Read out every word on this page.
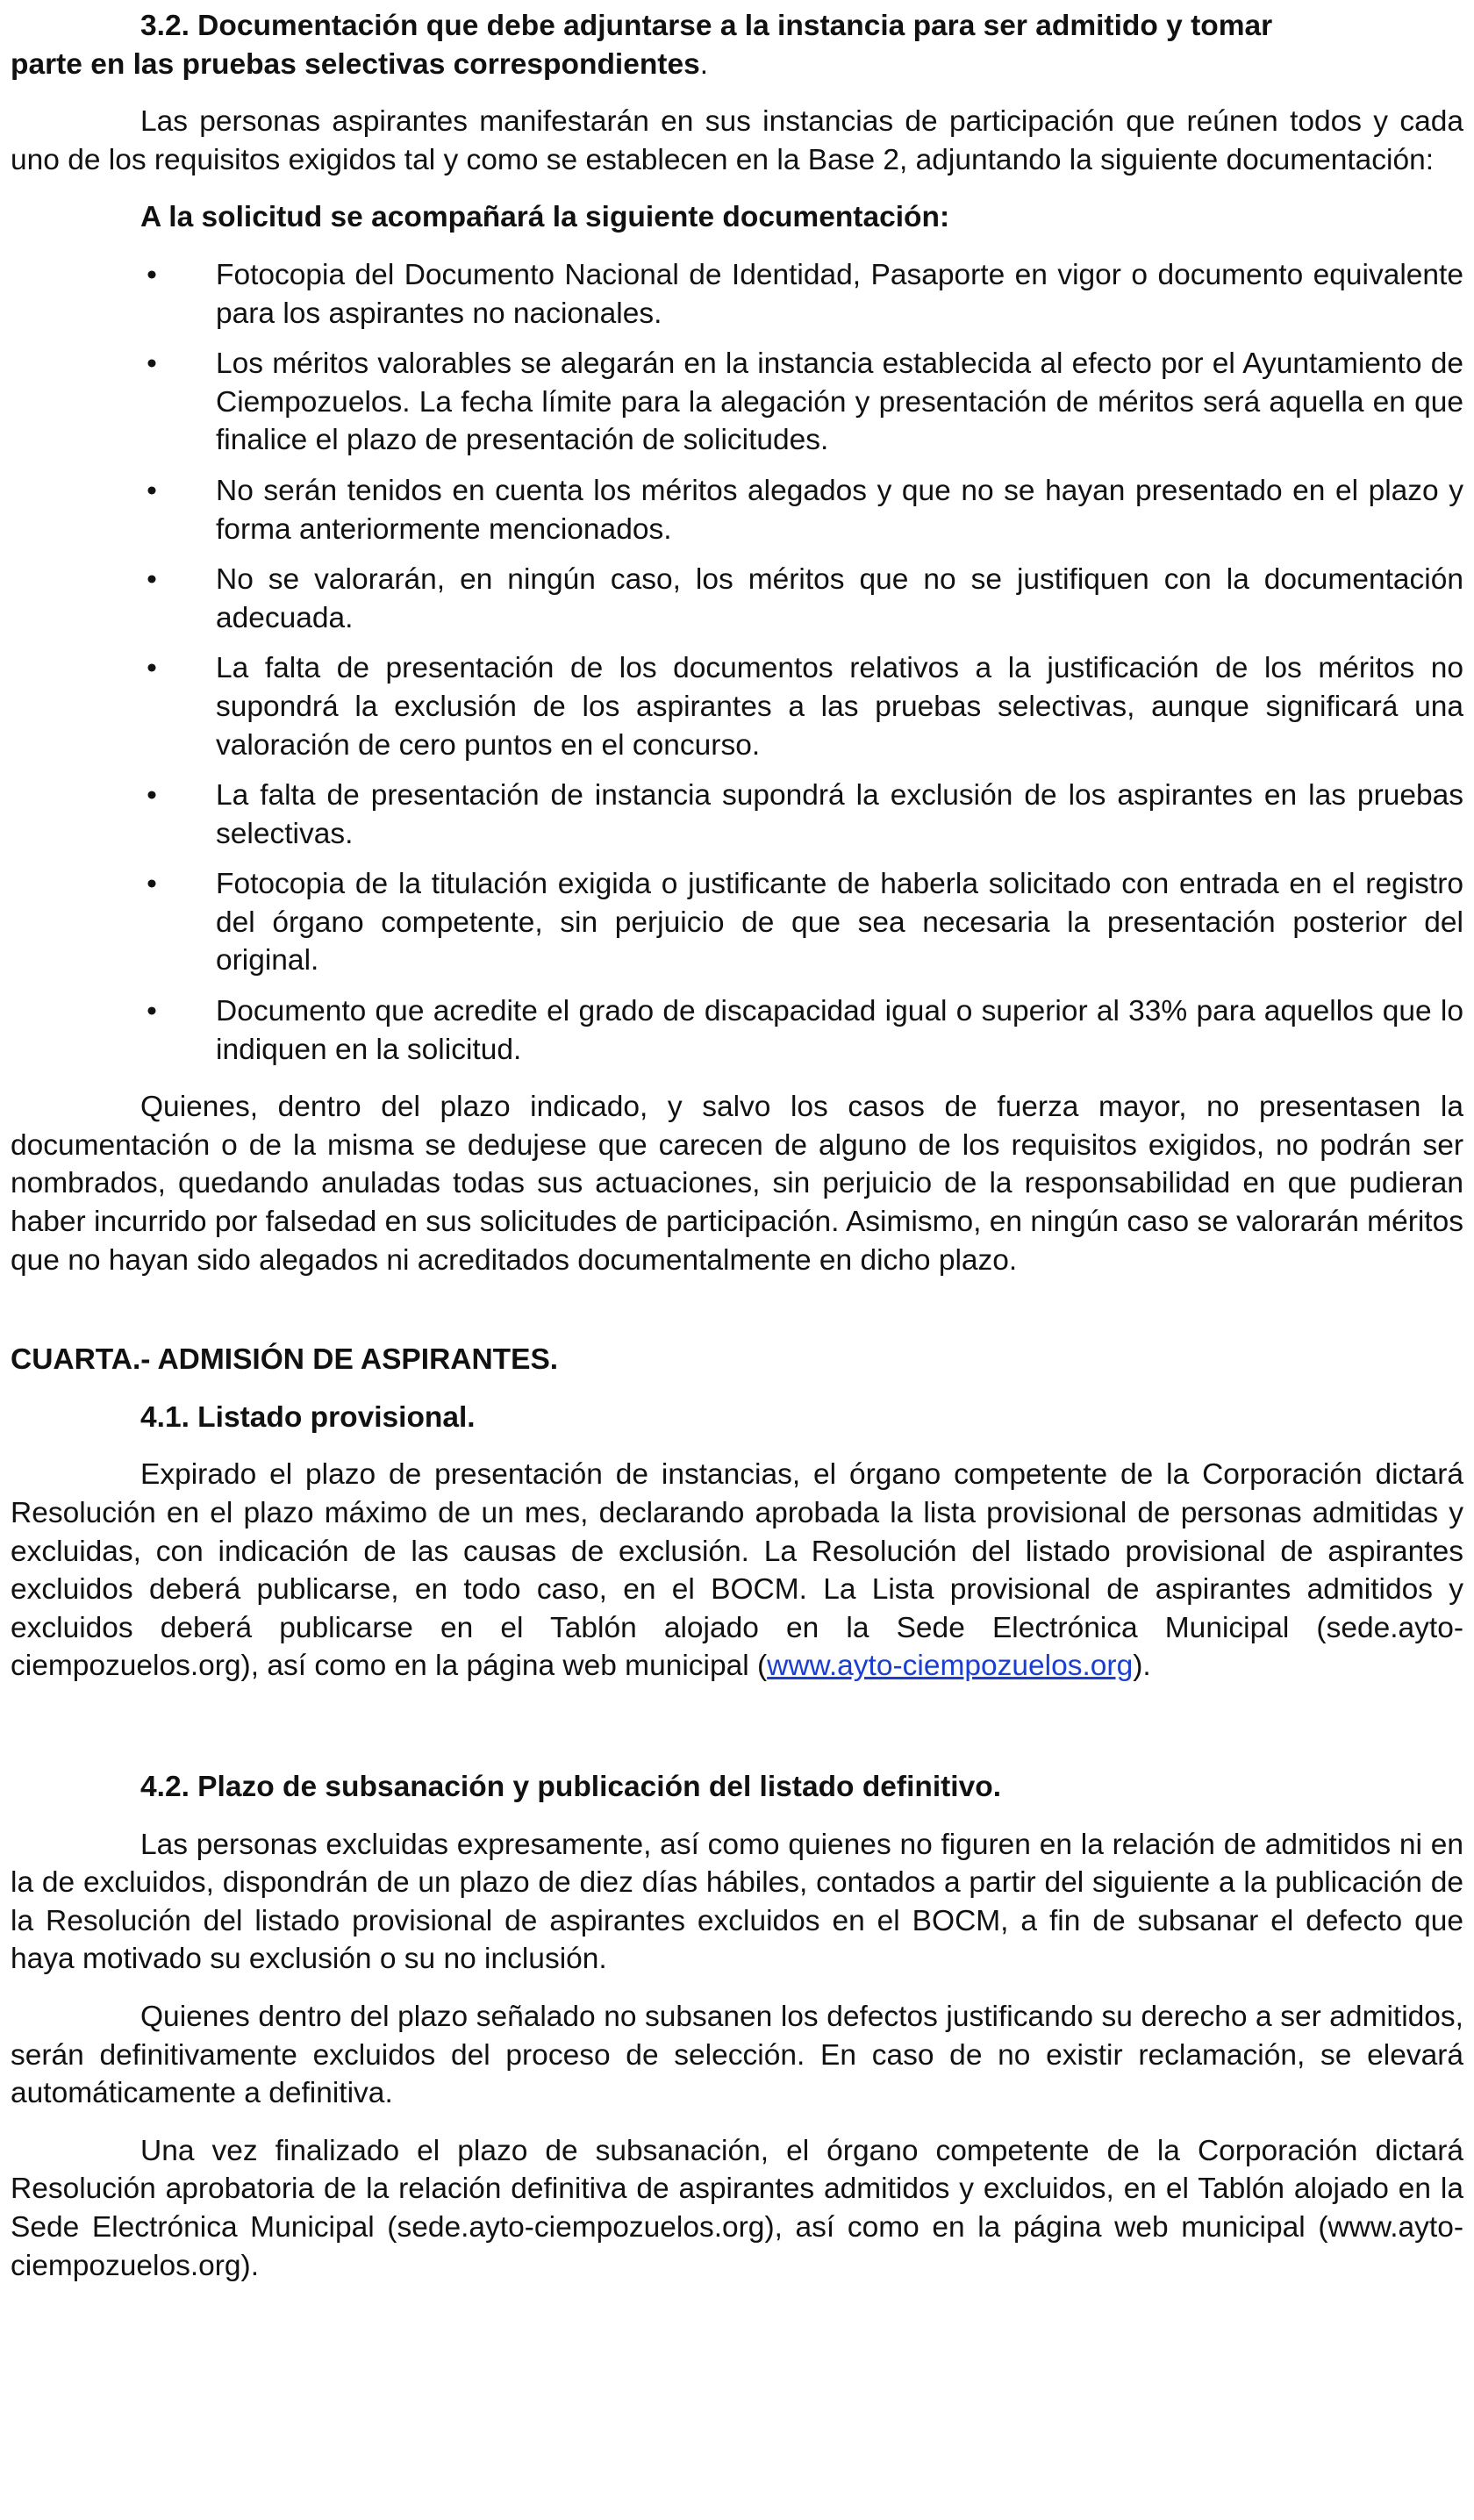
3.2. Documentación que debe adjuntarse a la instancia para ser admitido y tomar
parte en las pruebas selectivas correspondientes.

Las personas aspirantes manifestarán en sus instancias de participación que reúnen todos y cada uno de los requisitos exigidos tal y como se establecen en la Base 2, adjuntando la siguiente documentación:

A la solicitud se acompañará la siguiente documentación:

• Fotocopia del Documento Nacional de Identidad, Pasaporte en vigor o documento equivalente para los aspirantes no nacionales.
• Los méritos valorables se alegarán en la instancia establecida al efecto por el Ayuntamiento de Ciempozuelos. La fecha límite para la alegación y presentación de méritos será aquella en que finalice el plazo de presentación de solicitudes.
• No serán tenidos en cuenta los méritos alegados y que no se hayan presentado en el plazo y forma anteriormente mencionados.
• No se valorarán, en ningún caso, los méritos que no se justifiquen con la documentación adecuada.
• La falta de presentación de los documentos relativos a la justificación de los méritos no supondrá la exclusión de los aspirantes a las pruebas selectivas, aunque significará una valoración de cero puntos en el concurso.
• La falta de presentación de instancia supondrá la exclusión de los aspirantes en las pruebas selectivas.
• Fotocopia de la titulación exigida o justificante de haberla solicitado con entrada en el registro del órgano competente, sin perjuicio de que sea necesaria la presentación posterior del original.
• Documento que acredite el grado de discapacidad igual o superior al 33% para aquellos que lo indiquen en la solicitud.

Quienes, dentro del plazo indicado, y salvo los casos de fuerza mayor, no presentasen la documentación o de la misma se dedujese que carecen de alguno de los requisitos exigidos, no podrán ser nombrados, quedando anuladas todas sus actuaciones, sin perjuicio de la responsabilidad en que pudieran haber incurrido por falsedad en sus solicitudes de participación. Asimismo, en ningún caso se valorarán méritos que no hayan sido alegados ni acreditados documentalmente en dicho plazo.

CUARTA.- ADMISIÓN DE ASPIRANTES.

4.1. Listado provisional.

Expirado el plazo de presentación de instancias, el órgano competente de la Corporación dictará Resolución en el plazo máximo de un mes, declarando aprobada la lista provisional de personas admitidas y excluidas, con indicación de las causas de exclusión. La Resolución del listado provisional de aspirantes excluidos deberá publicarse, en todo caso, en el BOCM. La Lista provisional de aspirantes admitidos y excluidos deberá publicarse en el Tablón alojado en la Sede Electrónica Municipal (sede.ayto-ciempozuelos.org), así como en la página web municipal (www.ayto-ciempozuelos.org).

4.2. Plazo de subsanación y publicación del listado definitivo.

Las personas excluidas expresamente, así como quienes no figuren en la relación de admitidos ni en la de excluidos, dispondrán de un plazo de diez días hábiles, contados a partir del siguiente a la publicación de la Resolución del listado provisional de aspirantes excluidos en el BOCM, a fin de subsanar el defecto que haya motivado su exclusión o su no inclusión.

Quienes dentro del plazo señalado no subsanen los defectos justificando su derecho a ser admitidos, serán definitivamente excluidos del proceso de selección. En caso de no existir reclamación, se elevará automáticamente a definitiva.

Una vez finalizado el plazo de subsanación, el órgano competente de la Corporación dictará Resolución aprobatoria de la relación definitiva de aspirantes admitidos y excluidos, en el Tablón alojado en la Sede Electrónica Municipal (sede.ayto-ciempozuelos.org), así como en la página web municipal (www.ayto-ciempozuelos.org).
